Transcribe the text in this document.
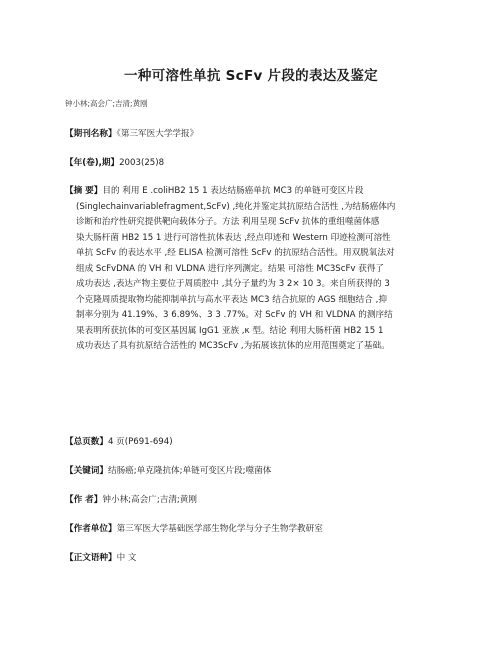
一种可溶性单抗 ScFv 片段的表达及鉴定
钟小林;高会广;吉清;黄刚
【期刊名称】《第三军医大学学报》
【年(卷),期】2003(25)8
【摘 要】目的 利用 E .coliHB2 15 1 表达结肠癌单抗 MC3 的单链可变区片段
(Singlechainvariablefragment,ScFv) ,纯化并鉴定其抗原结合活性 ,为结肠癌体内
诊断和治疗性研究提供靶向载体分子。方法 利用呈现 ScFv 抗体的重组噬菌体感
染大肠杆菌 HB2 15 1 进行可溶性抗体表达 ,经点印迹和 Western 印迹检测可溶性
单抗 ScFv 的表达水平 ,经 ELISA 检测可溶性 ScFv 的抗原结合活性。用双脱氧法对
组成 ScFvDNA 的 VH 和 VLDNA 进行序列测定。结果 可溶性 MC3ScFv 获得了
成功表达 ,表达产物主要位于周质腔中 ,其分子量约为 3 2× 10 3。来自所获得的 3
个克隆周质提取物均能抑制单抗与高水平表达 MC3 结合抗原的 AGS 细胞结合 ,抑
制率分别为 41.19%、3 6.89%、3 3 .77%。对 ScFv 的 VH 和 VLDNA 的测序结
果表明所获抗体的可变区基因属 IgG1 亚族 ,κ 型。结论 利用大肠杆菌 HB2 15 1
成功表达了具有抗原结合活性的 MC3ScFv ,为拓展该抗体的应用范围奠定了基础。
【总页数】4 页(P691-694)
【关键词】结肠癌;单克隆抗体;单链可变区片段;噬菌体
【作 者】钟小林;高会广;吉清;黄刚
【作者单位】第三军医大学基础医学部生物化学与分子生物学教研室
【正文语种】中 文
